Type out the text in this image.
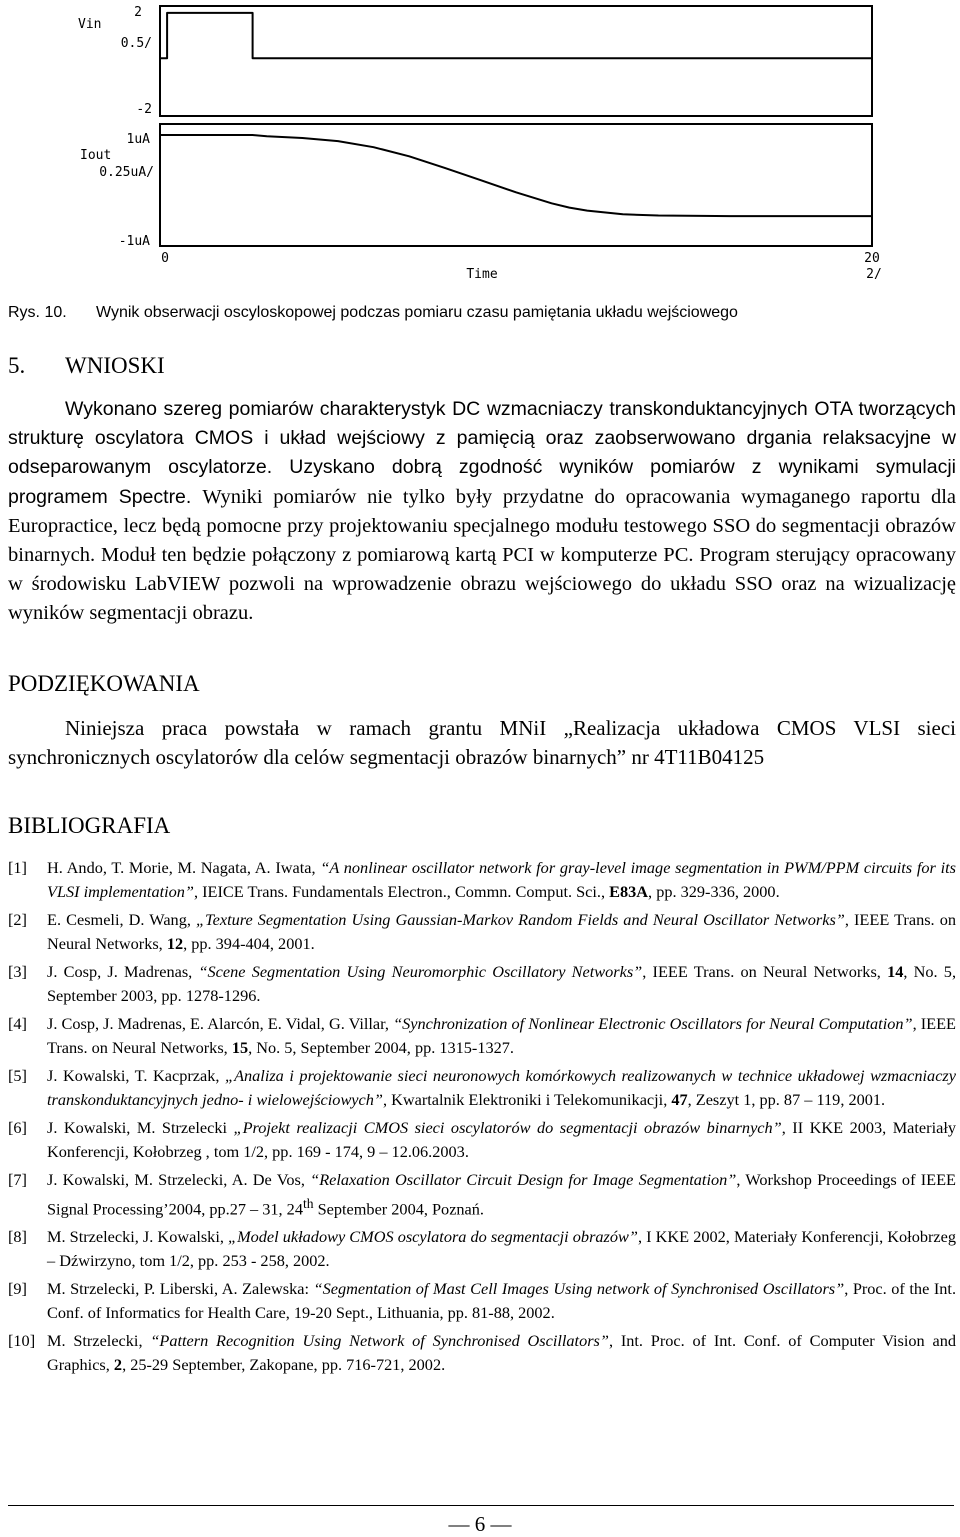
2
Vin
0.5/
-2
1uA
Iout
0.25uA/
-1uA
0
Time
20
2/
Rys. 10. Wynik obserwacji oscyloskopowej podczas pomiaru czasu pamiętania układu wejściowego
5. WNIOSKI
Wykonano szereg pomiarów charakterystyk DC wzmacniaczy transkonduktancyjnych OTA tworzących strukturę oscylatora CMOS i układ wejściowy z pamięcią oraz zaobserwowano drgania relaksacyjne w odseparowanym oscylatorze. Uzyskano dobrą zgodność wyników pomiarów z wynikami symulacji programem Spectre. Wyniki pomiarów nie tylko były przydatne do opracowania wymaganego raportu dla Europractice, lecz będą pomocne przy projektowaniu specjalnego modułu testowego SSO do segmentacji obrazów binarnych. Moduł ten będzie połączony z pomiarową kartą PCI w komputerze PC. Program sterujący opracowany w środowisku LabVIEW pozwoli na wprowadzenie obrazu wejściowego do układu SSO oraz na wizualizację wyników segmentacji obrazu.
PODZIĘKOWANIA
Niniejsza praca powstała w ramach grantu MNiI „Realizacja układowa CMOS VLSI sieci synchronicznych oscylatorów dla celów segmentacji obrazów binarnych” nr 4T11B04125
BIBLIOGRAFIA
[1]	H. Ando, T. Morie, M. Nagata, A. Iwata, “A nonlinear oscillator network for gray-level image segmentation in PWM/PPM circuits for its VLSI implementation”, IEICE Trans. Fundamentals Electron., Commn. Comput. Sci., E83A, pp. 329-336, 2000.
[2]	E. Cesmeli, D. Wang, „Texture Segmentation Using Gaussian-Markov Random Fields and Neural Oscillator Networks”, IEEE Trans. on Neural Networks, 12, pp. 394-404, 2001.
[3]	J. Cosp, J. Madrenas, “Scene Segmentation Using Neuromorphic Oscillatory Networks”, IEEE Trans. on Neural Networks, 14, No. 5, September 2003, pp. 1278-1296.
[4]	J. Cosp, J. Madrenas, E. Alarcón, E. Vidal, G. Villar, “Synchronization of Nonlinear Electronic Oscillators for Neural Computation”, IEEE Trans. on Neural Networks, 15, No. 5, September 2004, pp. 1315-1327.
[5]	J. Kowalski, T. Kacprzak, „Analiza i projektowanie sieci neuronowych komórkowych realizowanych w technice układowej wzmacniaczy transkonduktancyjnych jedno- i wielowejściowych”, Kwartalnik Elektroniki i Telekomunikacji, 47, Zeszyt 1, pp. 87 – 119, 2001.
[6]	J. Kowalski, M. Strzelecki „Projekt realizacji CMOS sieci oscylatorów do segmentacji obrazów binarnych”, II KKE 2003, Materiały Konferencji, Kołobrzeg , tom 1/2, pp. 169 - 174, 9 – 12.06.2003.
[7]	J. Kowalski, M. Strzelecki, A. De Vos, “Relaxation Oscillator Circuit Design for Image Segmentation”, Workshop Proceedings of IEEE Signal Processing’2004, pp.27 – 31, 24th September 2004, Poznań.
[8]	M. Strzelecki, J. Kowalski, „Model układowy CMOS oscylatora do segmentacji obrazów”, I KKE 2002, Materiały Konferencji, Kołobrzeg – Dźwirzyno, tom 1/2, pp. 253 - 258, 2002.
[9]	M. Strzelecki, P. Liberski, A. Zalewska: “Segmentation of Mast Cell Images Using network of Synchronised Oscillators”, Proc. of the Int. Conf. of Informatics for Health Care, 19-20 Sept., Lithuania, pp. 81-88, 2002.
[10] M. Strzelecki, “Pattern Recognition Using Network of Synchronised Oscillators”, Int. Proc. of Int. Conf. of Computer Vision and Graphics, 2, 25-29 September, Zakopane, pp. 716-721, 2002.
— 6 —
